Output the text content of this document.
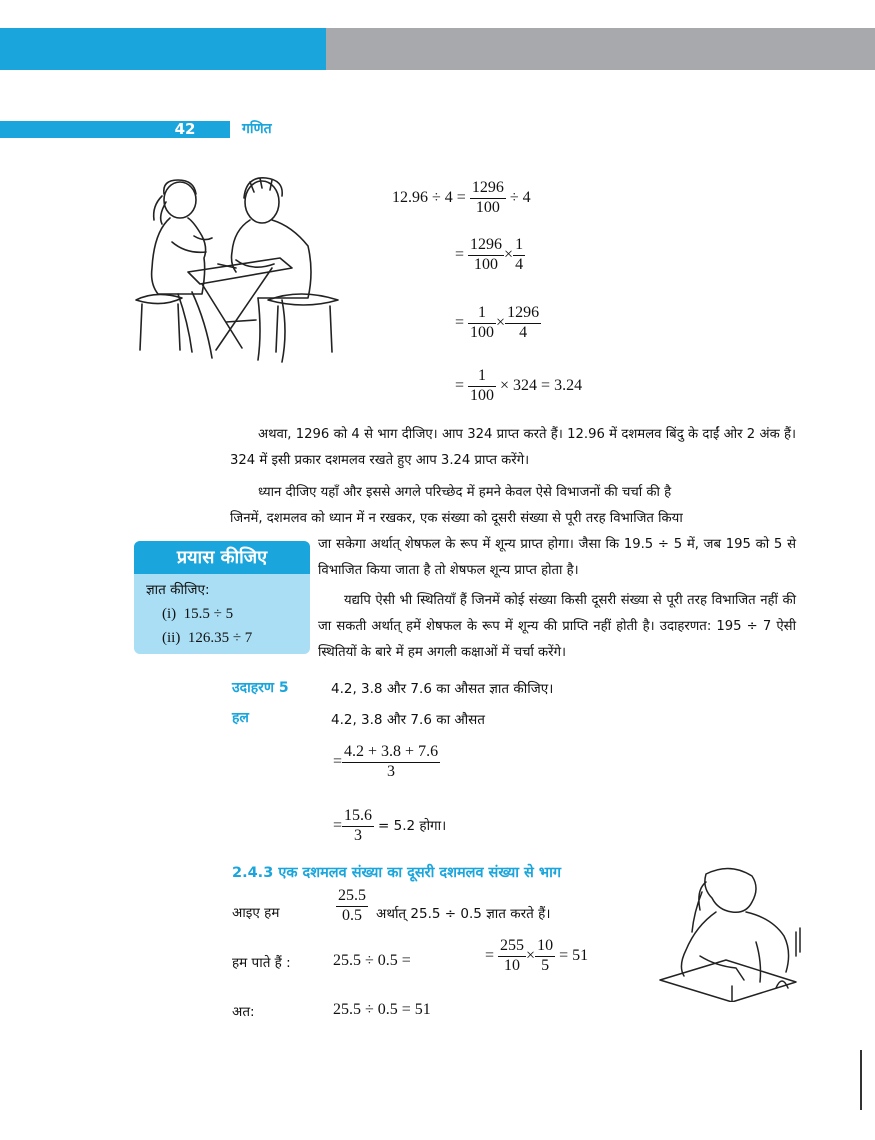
42	गणित
$12.96 \div 4 = \frac{1296}{100} \div 4$
= $\frac{1296}{100} \times \frac{1}{4}$
= $\frac{1}{100} \times \frac{1296}{4}$
= $\frac{1}{100} \times 324 = 3.24$
अथवा, 1296 को 4 से भाग दीजिए। आप 324 प्राप्त करते हैं। 12.96 में दशमलव बिंदु के दाईं ओर 2 अंक हैं। 324 में इसी प्रकार दशमलव रखते हुए आप 3.24 प्राप्त करेंगे।
ध्यान दीजिए यहाँ और इससे अगले परिच्छेद में हमने केवल ऐसे विभाजनों की चर्चा की है
जिनमें, दशमलव को ध्यान में न रखकर, एक संख्या को दूसरी संख्या से पूरी तरह विभाजित किया
जा सकेगा अर्थात् शेषफल के रूप में शून्य प्राप्त होगा। जैसा कि 19.5 ÷ 5 में, जब 195 को 5 से विभाजित किया जाता है तो शेषफल शून्य प्राप्त होता है।
यद्यपि ऐसी भी स्थितियाँ हैं जिनमें कोई संख्या किसी दूसरी संख्या से पूरी तरह विभाजित नहीं की जा सकती अर्थात् हमें शेषफल के रूप में शून्य की प्राप्ति नहीं होती है। उदाहरणत: 195 ÷ 7 ऐसी स्थितियों के बारे में हम अगली कक्षाओं में चर्चा करेंगे।
प्रयास कीजिए
ज्ञात कीजिए:
(i)  15.5 ÷ 5
(ii)  126.35 ÷ 7
उदाहरण 5	4.2, 3.8 और 7.6 का औसत ज्ञात कीजिए।
हल	4.2, 3.8 और 7.6 का औसत
= $\frac{4.2 + 3.8 + 7.6}{3}$
= $\frac{15.6}{3} = 5.2$ होगा।
2.4.3 एक दशमलव संख्या का दूसरी दशमलव संख्या से भाग
आइए हम	$\frac{25.5}{0.5}$ अर्थात् 25.5 ÷ 0.5 ज्ञात करते हैं।
हम पाते हैं :	25.5 ÷ 0.5 =	= $\frac{255}{10} \times \frac{10}{5} = 51$
अत:	25.5 ÷ 0.5 = 51
